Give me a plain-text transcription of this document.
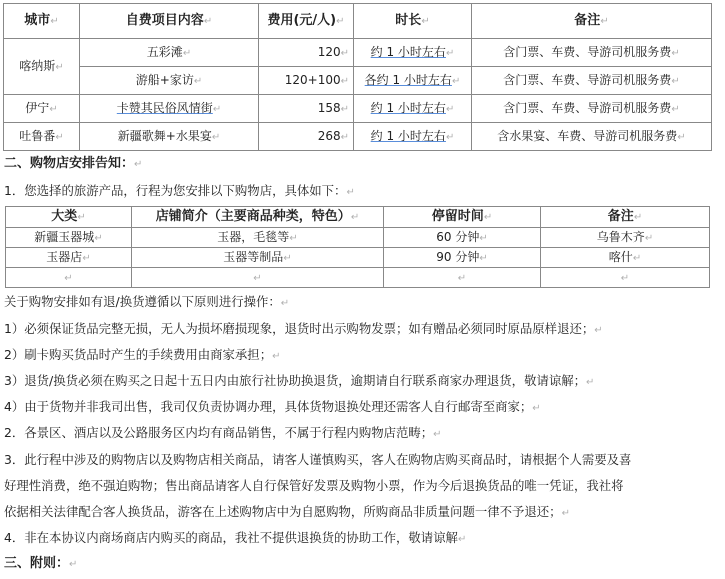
城市↵	自费项目内容↵	费用(元/人)↵	时长↵	备注↵
喀纳斯↵	五彩滩↵	120↵	约 1 小时左右↵	含门票、车费、导游司机服务费↵
	游船+家访↵	120+100↵	各约 1 小时左右↵	含门票、车费、导游司机服务费↵
伊宁↵	卡赞其民俗风情街↵	158↵	约 1 小时左右↵	含门票、车费、导游司机服务费↵
吐鲁番↵	新疆歌舞+水果宴↵	268↵	约 1 小时左右↵	含水果宴、车费、导游司机服务费↵
二、购物店安排告知：↵
1．您选择的旅游产品，行程为您安排以下购物店，具体如下：↵
大类↵	店铺简介（主要商品种类，特色）↵	停留时间↵	备注↵
新疆玉器城↵	玉器，毛毯等↵	60 分钟↵	乌鲁木齐↵
玉器店↵	玉器等制品↵	90 分钟↵	喀什↵
↵	↵	↵	↵
关于购物安排如有退/换货遵循以下原则进行操作：↵
1）必须保证货品完整无损，无人为损坏磨损现象，退货时出示购物发票；如有赠品必须同时原品原样退还；↵
2）刷卡购买货品时产生的手续费用由商家承担；↵
3）退货/换货必须在购买之日起十五日内由旅行社协助换退货，逾期请自行联系商家办理退货，敬请谅解；↵
4）由于货物并非我司出售，我司仅负责协调办理，具体货物退换处理还需客人自行邮寄至商家；↵
2．各景区、酒店以及公路服务区内均有商品销售，不属于行程内购物店范畴；↵
3．此行程中涉及的购物店以及购物店相关商品，请客人谨慎购买，客人在购物店购买商品时，请根据个人需要及喜
好理性消费，绝不强迫购物；售出商品请客人自行保管好发票及购物小票，作为今后退换货品的唯一凭证，我社将
依据相关法律配合客人换货品，游客在上述购物店中为自愿购物，所购商品非质量问题一律不予退还；↵
4．非在本协议内商场商店内购买的商品，我社不提供退换货的协助工作，敬请谅解↵
三、附则：↵
